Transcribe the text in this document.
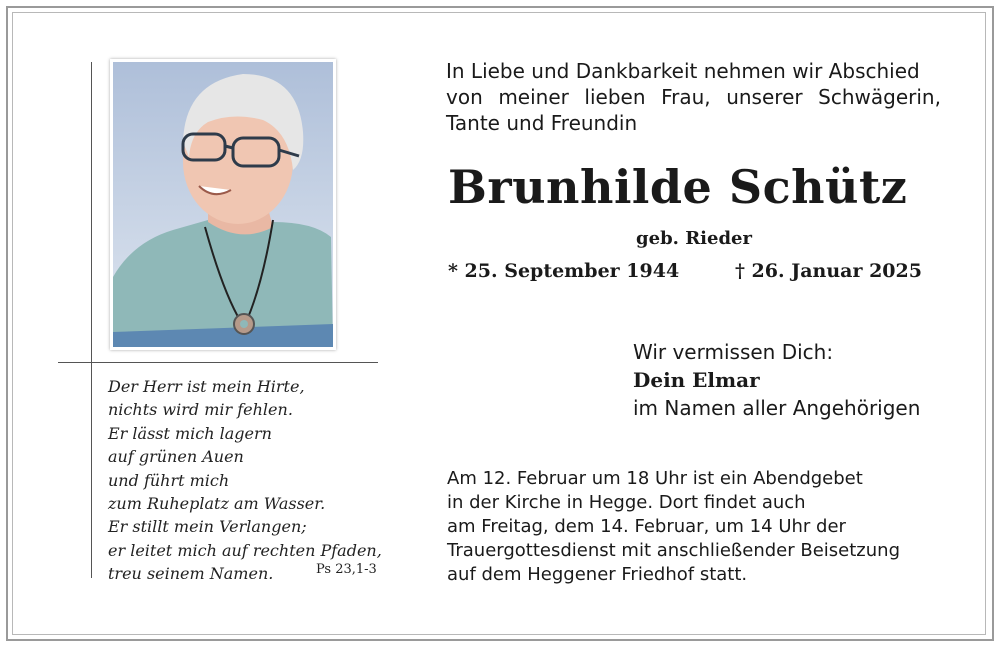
Der Herr ist mein Hirte,
nichts wird mir fehlen.
Er lässt mich lagern
auf grünen Auen
und führt mich
zum Ruheplatz am Wasser.
Er stillt mein Verlangen;
er leitet mich auf rechten Pfaden,
treu seinem Namen.	Ps 23,1-3
In Liebe und Dankbarkeit nehmen wir Abschied
von meiner lieben Frau, unserer Schwägerin,
Tante und Freundin
Brunhilde Schütz
geb. Rieder
* 25. September 1944	† 26. Januar 2025
Wir vermissen Dich:
Dein Elmar
im Namen aller Angehörigen
Am 12. Februar um 18 Uhr ist ein Abendgebet
in der Kirche in Hegge. Dort findet auch
am Freitag, dem 14. Februar, um 14 Uhr der
Trauergottesdienst mit anschließender Beisetzung
auf dem Heggener Friedhof statt.
